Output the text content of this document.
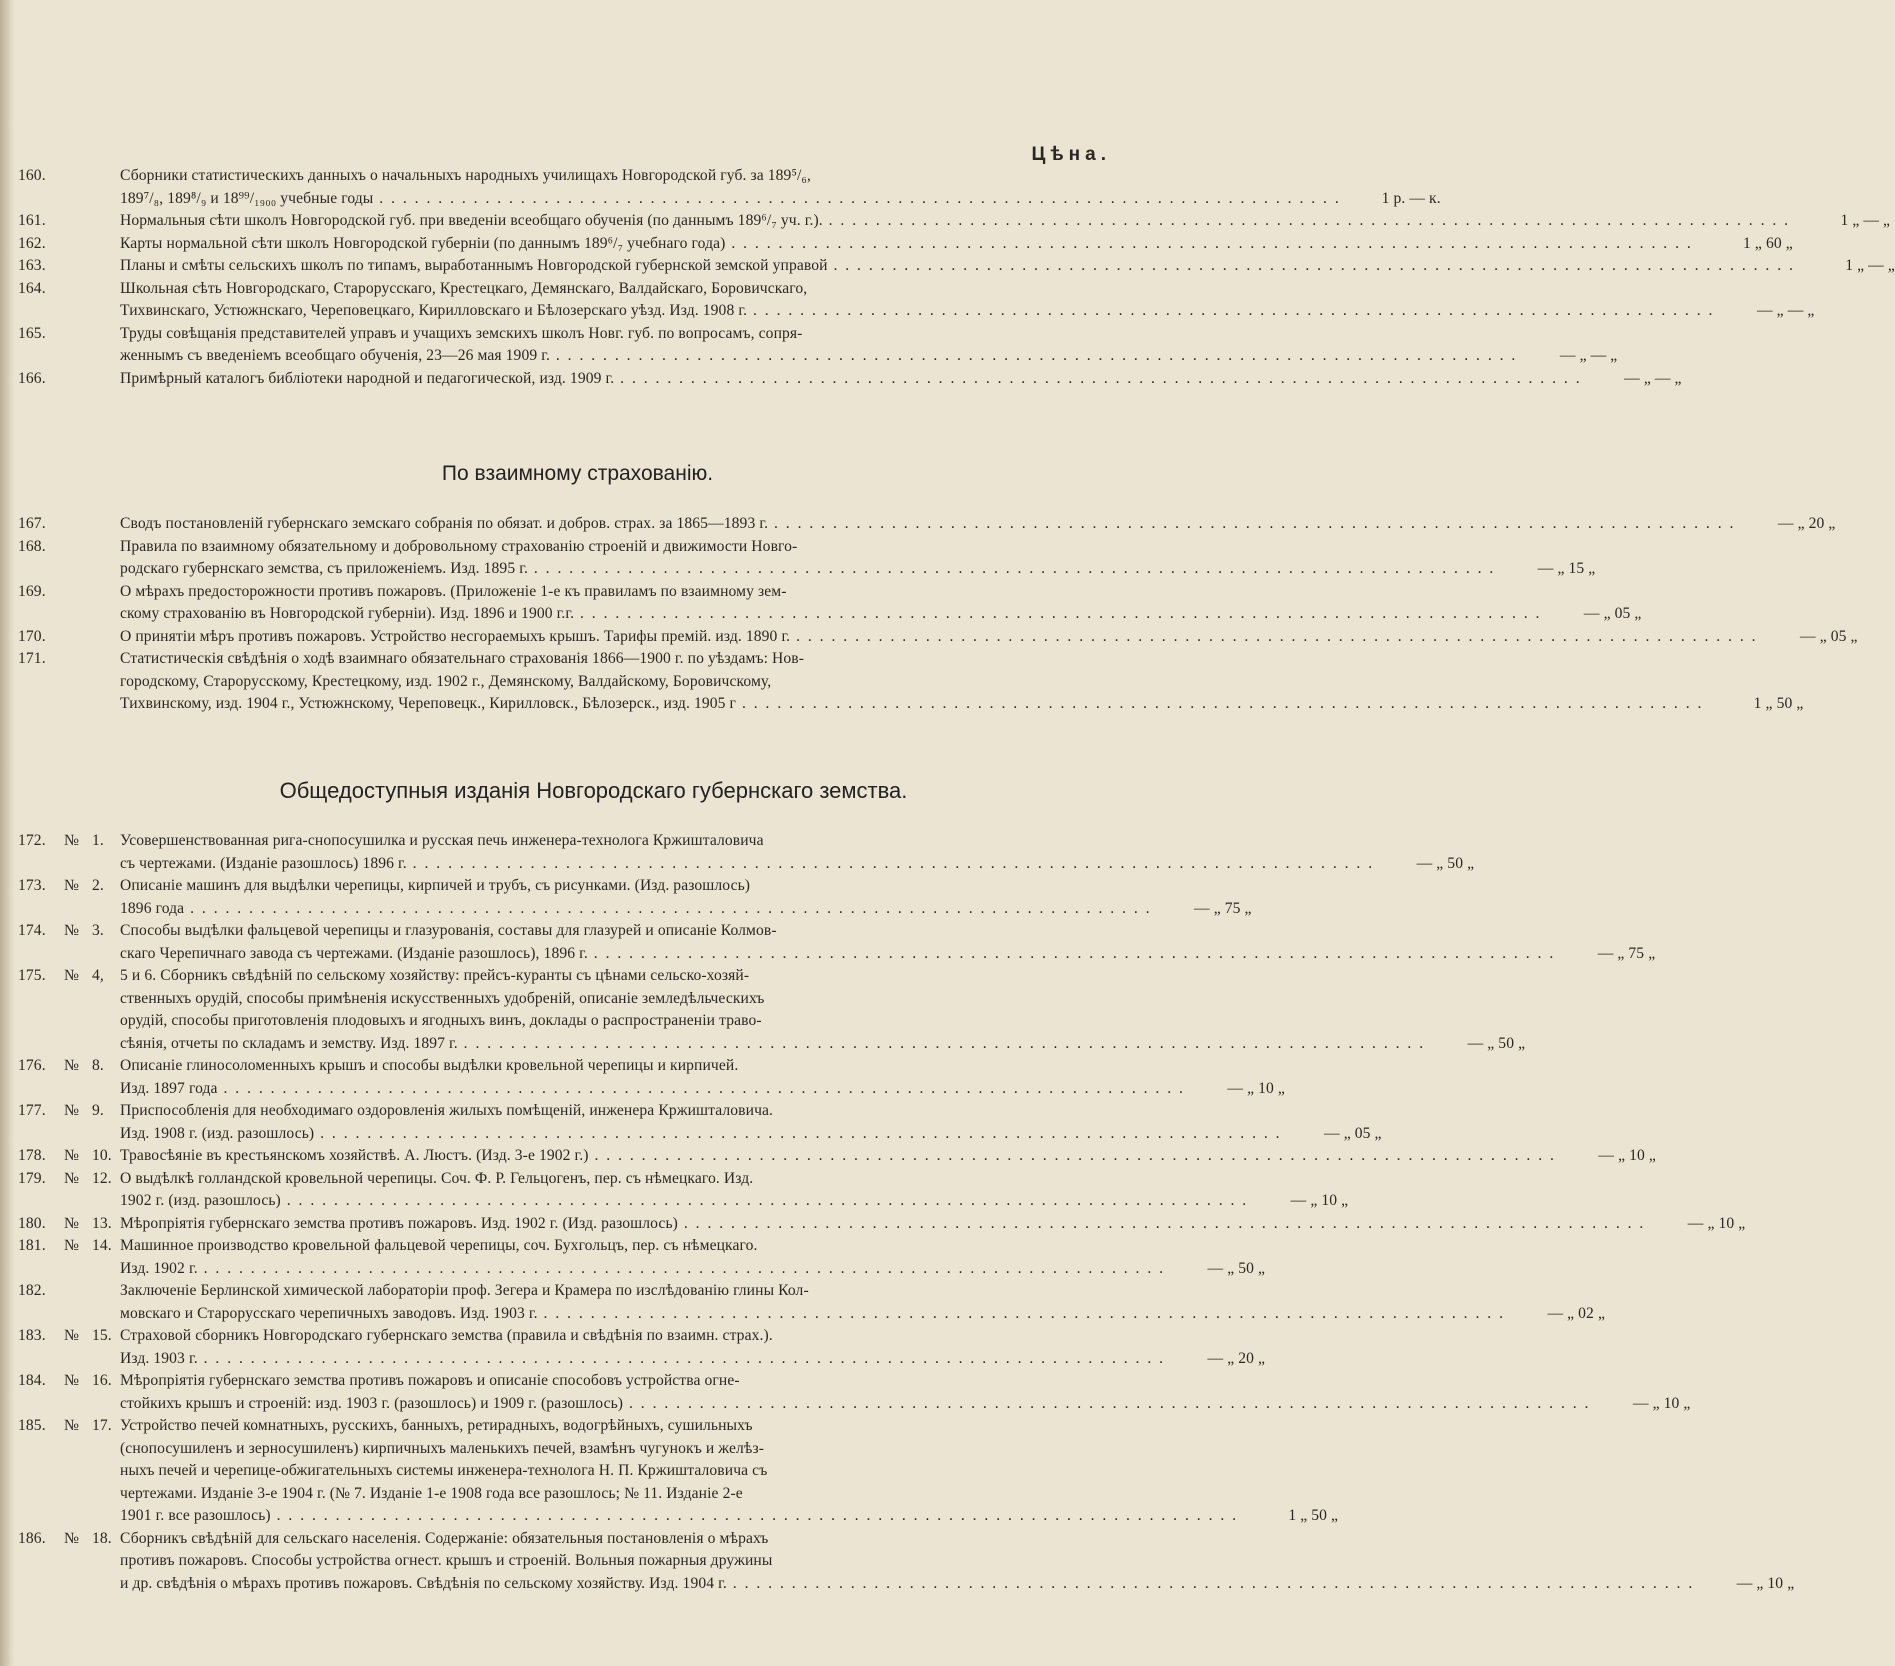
Цѣна.
160.	Сборники статистическихъ данныхъ о начальныхъ народныхъ училищахъ Новгородской губ. за 189⁵/₆,
189⁷/₈, 189⁸/₉ и 18⁹⁹/₁₉₀₀ учебные годы . . .	1 р. — к.
161.	Нормальныя сѣти школъ Новгородской губ. при введеніи всеобщаго обученія (по даннымъ 189⁶/₇ уч. г.). . . .	1 „ — „
162.	Карты нормальной сѣти школъ Новгородской губерніи (по даннымъ 189⁶/₇ учебнаго года) . . .	1 „ 60 „
163.	Планы и смѣты сельскихъ школъ по типамъ, выработаннымъ Новгородской губернской земской управой . . .	1 „ — „
164.	Школьная сѣть Новгородскаго, Старорусскаго, Крестецкаго, Демянскаго, Валдайскаго, Боровичскаго,
Тихвинскаго, Устюжнскаго, Череповецкаго, Кирилловскаго и Бѣлозерскаго уѣзд. Изд. 1908 г. . . .	— „ — „
165.	Труды совѣщанія представителей управъ и учащихъ земскихъ школъ Новг. губ. по вопросамъ, сопря-
женнымъ съ введеніемъ всеобщаго обученія, 23—26 мая 1909 г. . . .	— „ — „
166.	Примѣрный каталогъ библіотеки народной и педагогической, изд. 1909 г. . . .	— „ — „
По взаимному страхованію.
167.	Сводъ постановленій губернскаго земскаго собранія по обязат. и добров. страх. за 1865—1893 г. . . .	— „ 20 „
168.	Правила по взаимному обязательному и добровольному страхованію строеній и движимости Новго-
родскаго губернскаго земства, съ приложеніемъ. Изд. 1895 г. . . .	— „ 15 „
169.	О мѣрахъ предосторожности противъ пожаровъ. (Приложеніе 1-е къ правиламъ по взаимному зем-
скому страхованію въ Новгородской губерніи). Изд. 1896 и 1900 г.г. . . .	— „ 05 „
170.	О принятіи мѣръ противъ пожаровъ. Устройство несгораемыхъ крышъ. Тарифы премій. изд. 1890 г. . . .	— „ 05 „
171.	Статистическія свѣдѣнія о ходѣ взаимнаго обязательнаго страхованія 1866—1900 г. по уѣздамъ: Нов-
городскому, Старорусскому, Крестецкому, изд. 1902 г., Демянскому, Валдайскому, Боровичскому,
Тихвинскому, изд. 1904 г., Устюжнскому, Череповецк., Кирилловск., Бѣлозерск., изд. 1905 г . . .	1 „ 50 „
Общедоступныя изданія Новгородскаго губернскаго земства.
172.	№ 1.	Усовершенствованная рига-снопосушилка и русская печь инженера-технолога Кржишталовича
съ чертежами. (Изданіе разошлось) 1896 г. . . .	— „ 50 „
173.	№ 2.	Описаніе машинъ для выдѣлки черепицы, кирпичей и трубъ, съ рисунками. (Изд. разошлось)
1896 года . . .	— „ 75 „
174.	№ 3.	Способы выдѣлки фальцевой черепицы и глазурованія, составы для глазурей и описаніе Колмов-
скаго Черепичнаго завода съ чертежами. (Изданіе разошлось), 1896 г. . . .	— „ 75 „
175.	№ 4,	5 и 6. Сборникъ свѣдѣній по сельскому хозяйству: прейсъ-куранты съ цѣнами сельско-хозяй-
ственныхъ орудій, способы примѣненія искусственныхъ удобреній, описаніе земледѣльческихъ
орудій, способы приготовленія плодовыхъ и ягодныхъ винъ, доклады о распространеніи траво-
сѣянія, отчеты по складамъ и земству. Изд. 1897 г. . . .	— „ 50 „
176.	№ 8.	Описаніе глиносоломенныхъ крышъ и способы выдѣлки кровельной черепицы и кирпичей.
Изд. 1897 года . . .	— „ 10 „
177.	№ 9.	Приспособленія для необходимаго оздоровленія жилыхъ помѣщеній, инженера Кржишталовича.
Изд. 1908 г. (изд. разошлось) . . .	— „ 05 „
178.	№ 10. Травосѣяніе въ крестьянскомъ хозяйствѣ. А. Люстъ. (Изд. 3-е 1902 г.) . . .	— „ 10 „
179.	№ 12. О выдѣлкѣ голландской кровельной черепицы. Соч. Ф. Р. Гельцогенъ, пер. съ нѣмецкаго. Изд.
1902 г. (изд. разошлось) . . .	— „ 10 „
180.	№ 13. Мѣропріятія губернскаго земства противъ пожаровъ. Изд. 1902 г. (Изд. разошлось) . . .	— „ 10 „
181.	№ 14. Машинное производство кровельной фальцевой черепицы, соч. Бухгольцъ, пер. съ нѣмецкаго.
Изд. 1902 г. . . .	— „ 50 „
182.	Заключеніе Берлинской химической лабораторіи проф. Зегера и Крамера по изслѣдованію глины Кол-
мовскаго и Старорусскаго черепичныхъ заводовъ. Изд. 1903 г. . . .	— „ 02 „
183.	№ 15. Страховой сборникъ Новгородскаго губернскаго земства (правила и свѣдѣнія по взаимн. страх.).
Изд. 1903 г. . . .	— „ 20 „
184.	№ 16. Мѣропріятія губернскаго земства противъ пожаровъ и описаніе способовъ устройства огне-
стойкихъ крышъ и строеній: изд. 1903 г. (разошлось) и 1909 г. (разошлось) . . .	— „ 10 „
185.	№ 17. Устройство печей комнатныхъ, русскихъ, банныхъ, ретирадныхъ, водогрѣйныхъ, сушильныхъ
(снопосушиленъ и зерносушиленъ) кирпичныхъ маленькихъ печей, взамѣнъ чугунокъ и желѣз-
ныхъ печей и черепице-обжигательныхъ системы инженера-технолога Н. П. Кржишталовича съ
чертежами. Изданіе 3-е 1904 г. (№ 7. Изданіе 1-е 1908 года все разошлось; № 11. Изданіе 2-е
1901 г. все разошлось) . . .	1 „ 50 „
186.	№ 18. Сборникъ свѣдѣній для сельскаго населенія. Содержаніе: обязательныя постановленія о мѣрахъ
противъ пожаровъ. Способы устройства огнест. крышъ и строеній. Вольныя пожарныя дружины
и др. свѣдѣнія о мѣрахъ противъ пожаровъ. Свѣдѣнія по сельскому хозяйству. Изд. 1904 г. . . .	— „ 10 „
